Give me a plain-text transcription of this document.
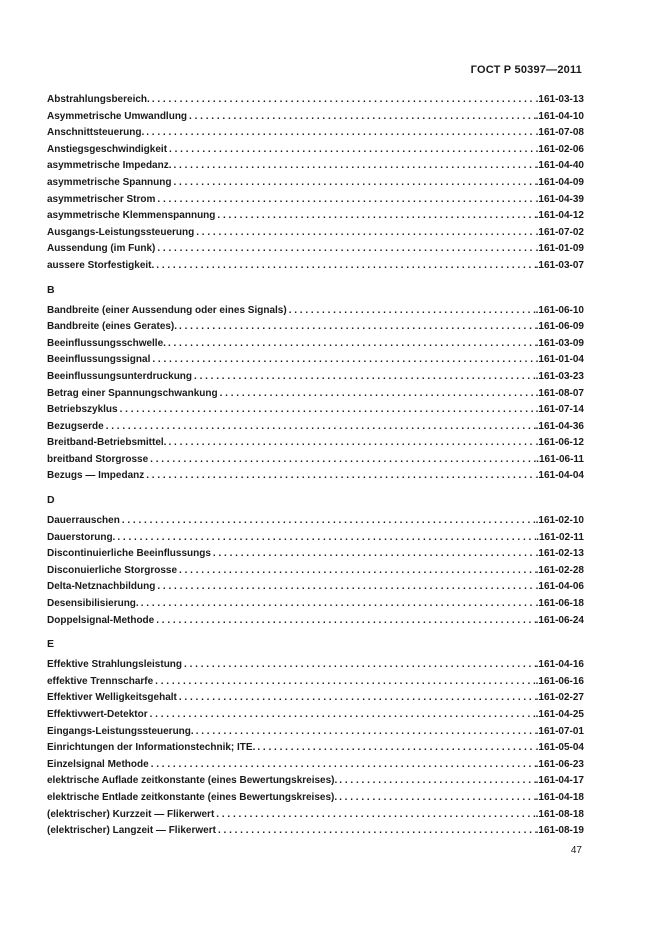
ГОСТ Р 50397—2011
Abstrahlungsbereich. . . .	.161-03-13
Asymmetrische Umwandlung . . .	.161-04-10
Anschnittsteuerung. . . .	.161-07-08
Anstiegsgeschwindigkeit . . .	.161-02-06
asymmetrische Impedanz. . . .	.161-04-40
asymmetrische Spannung . . .	.161-04-09
asymmetrischer Strom . . .	.161-04-39
asymmetrische Klemmenspannung . . .	.161-04-12
Ausgangs-Leistungssteuerung . . .	.161-07-02
Aussendung (im Funk) . . .	.161-01-09
aussere Storfestigkeit. . . .	.161-03-07
B
Bandbreite (einer Aussendung oder eines Signals) . . .	.161-06-10
Bandbreite (eines Gerates). . . .	.161-06-09
Beeinflussungsschwelle. . . .	.161-03-09
Beeinflussungssignal . . .	.161-01-04
Beeinflussungsunterdruckung . . .	.161-03-23
Betrag einer Spannungschwankung . . .	.161-08-07
Betriebszyklus . . .	.161-07-14
Bezugserde . . .	.161-04-36
Breitband-Betriebsmittel. . . .	.161-06-12
breitband Storgrosse . . .	.161-06-11
Bezugs — Impedanz . . .	.161-04-04
D
Dauerrauschen . . .	.161-02-10
Dauerstorung. . . .	.161-02-11
Discontinuierliche Beeinflussungs . . .	.161-02-13
Disconuierliche Storgrosse . . .	.161-02-28
Delta-Netznachbildung . . .	.161-04-06
Desensibilisierung. . . .	.161-06-18
Doppelsignal-Methode . . .	.161-06-24
E
Effektive Strahlungsleistung . . .	.161-04-16
effektive Trennscharfe . . .	.161-06-16
Effektiver Welligkeitsgehalt . . .	.161-02-27
Effektivwert-Detektor . . .	.161-04-25
Eingangs-Leistungssteuerung. . . .	.161-07-01
Einrichtungen der Informationstechnik; ITE. . . .	.161-05-04
Einzelsignal Methode . . .	.161-06-23
elektrische Auflade zeitkonstante (eines Bewertungskreises). . . .	.161-04-17
elektrische Entlade zeitkonstante (eines Bewertungskreises). . . .	.161-04-18
(elektrischer) Kurzzeit — Flikerwert . . .	.161-08-18
(elektrischer) Langzeit — Flikerwert . . .	.161-08-19
47
